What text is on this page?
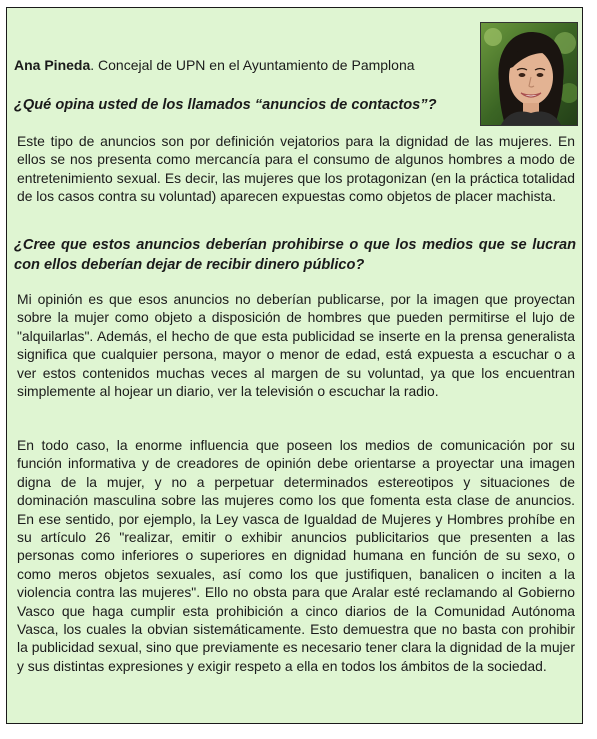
Ana Pineda. Concejal de UPN en el Ayuntamiento de Pamplona
¿Qué opina usted de los llamados “anuncios de contactos”?
Este tipo de anuncios son por definición vejatorios para la dignidad de las mujeres. En ellos se nos presenta como mercancía para el consumo de algunos hombres a modo de entretenimiento sexual. Es decir, las mujeres que los protagonizan (en la práctica totalidad de los casos contra su voluntad) aparecen expuestas como objetos de placer machista.
¿Cree que estos anuncios deberían prohibirse o que los medios que se lucran con ellos deberían dejar de recibir dinero público?
Mi opinión es que esos anuncios no deberían publicarse, por la imagen que proyectan sobre la mujer como objeto a disposición de hombres que pueden permitirse el lujo de "alquilarlas". Además, el hecho de que esta publicidad se inserte en la prensa generalista significa que cualquier persona, mayor o menor de edad, está expuesta a escuchar o a ver estos contenidos muchas veces al margen de su voluntad, ya que los encuentran simplemente al hojear un diario, ver la televisión o escuchar la radio.
En todo caso, la enorme influencia que poseen los medios de comunicación por su función informativa y de creadores de opinión debe orientarse a proyectar una imagen digna de la mujer, y no a perpetuar determinados estereotipos y situaciones de dominación masculina sobre las mujeres como los que fomenta esta clase de anuncios. En ese sentido, por ejemplo, la Ley vasca de Igualdad de Mujeres y Hombres prohíbe en su artículo 26 "realizar, emitir o exhibir anuncios publicitarios que presenten a las personas como inferiores o superiores en dignidad humana en función de su sexo, o como meros objetos sexuales, así como los que justifiquen, banalicen o inciten a la violencia contra las mujeres". Ello no obsta para que Aralar esté reclamando al Gobierno Vasco que haga cumplir esta prohibición a cinco diarios de la Comunidad Autónoma Vasca, los cuales la obvian sistemáticamente. Esto demuestra que no basta con prohibir la publicidad sexual, sino que previamente es necesario tener clara la dignidad de la mujer y sus distintas expresiones y exigir respeto a ella en todos los ámbitos de la sociedad.
